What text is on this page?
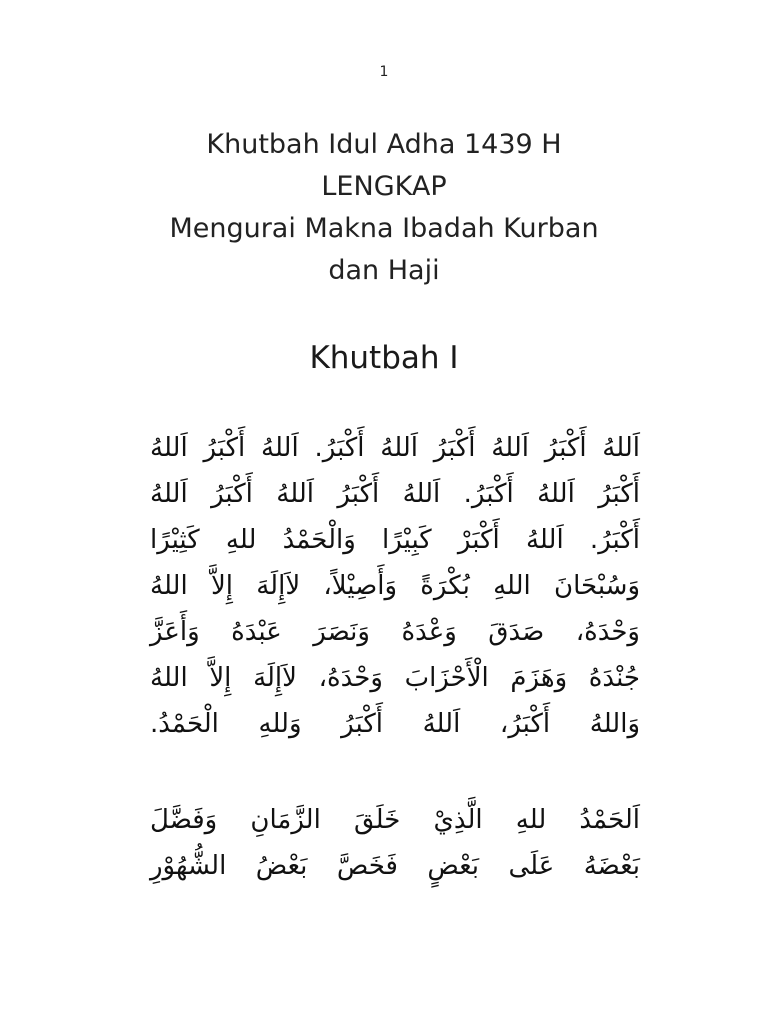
1
Khutbah Idul Adha 1439 H
LENGKAP
Mengurai Makna Ibadah Kurban
dan Haji
Khutbah I
اَللهُ أَكْبَرُ اَللهُ أَكْبَرُ اَللهُ أَكْبَرُ. اَللهُ أَكْبَرُ اَللهُ
أَكْبَرُ اَللهُ أَكْبَرُ. اَللهُ أَكْبَرُ اَللهُ أَكْبَرُ اَللهُ
أَكْبَرُ. اَللهُ أَكْبَرْ كَبِيْرًا وَالْحَمْدُ للهِ كَثِيْرًا
وَسُبْحَانَ اللهِ بُكْرَةً وَأَصِيْلاً، لاَإِلَهَ إِلاَّ اللهُ
وَحْدَهُ، صَدَقَ وَعْدَهُ وَنَصَرَ عَبْدَهُ وَأَعَزَّ
جُنْدَهُ وَهَزَمَ الْأَحْزَابَ وَحْدَهُ، لاَإِلَهَ إِلاَّ اللهُ
وَاللهُ أَكْبَرُ، اَللهُ أَكْبَرُ وَللهِ الْحَمْدُ.
اَلحَمْدُ للهِ الَّذِيْ خَلَقَ الزَّمَانِ وَفَضَّلَ
بَعْضَهُ عَلَى بَعْضٍ فَخَصَّ بَعْضُ الشُّهُوْرِ
